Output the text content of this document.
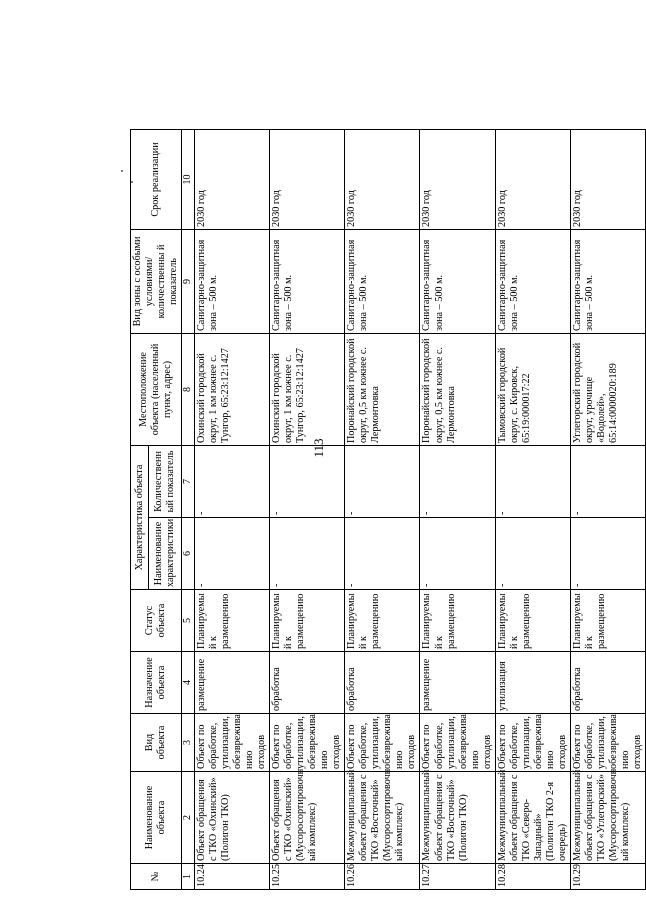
113
№	Наименование объекта	Вид объекта	Назначение объекта	Статус объекта	Характеристика объекта		Местоположение объекта (населенный пункт, адрес)	Вид зоны с особыми условиями/ количественны й показатель	Срок реализации
					Наименование характеристики	Количественн ый показатель			
1	2	3	4	5	6	7	8	9	10
10.24	Объект обращения с ТКО «Охинский» (Полигон ТКО)	Объект по обработке, утилизации, обезврежива нию отходов	размещение	Планируемы й к размещению	-	-	Охинский городской округ, 1 км южнее с. Тунгор, 65:23:12:1427	Санитарно-защитная зона – 500 м.	2030 год
10.25	Объект обращения с ТКО «Охинский» (Мусоросортировочн ый комплекс)	Объект по обработке, утилизации, обезврежива нию отходов	обработка	Планируемы й к размещению	-	-	Охинский городской округ, 1 км южнее с. Тунгор, 65:23:12:1427	Санитарно-защитная зона – 500 м.	2030 год
10.26	Межмуниципальный объект обращения с ТКО «Восточный» (Мусоросортировочн ый комплекс)	Объект по обработке, утилизации, обезврежива нию отходов	обработка	Планируемы й к размещению	-	-	Поронайский городской округ, 0,5 км южнее с. Лермонтовка	Санитарно-защитная зона – 500 м.	2030 год
10.27	Межмуниципальный объект обращения с ТКО «Восточный» (Полигон ТКО)	Объект по обработке, утилизации, обезврежива нию отходов	размещение	Планируемы й к размещению	-	-	Поронайский городской округ, 0,5 км южнее с. Лермонтовка	Санитарно-защитная зона – 500 м.	2030 год
10.28	Межмуниципальный объект обращения с ТКО «Северо-Западный» (Полигон ТКО 2-я очередь)	Объект по обработке, утилизации, обезврежива нию отходов	утилизация	Планируемы й к размещению	-	-	Тымовский городской округ, с. Кировск, 65:19:000017:22	Санитарно-защитная зона – 500 м.	2030 год
10.29	Межмуниципальный объект обращения с ТКО «Углегорский» (Мусоросортировочн ый комплекс)	Объект по обработке, утилизации, обезврежива нию отходов	обработка	Планируемы й к размещению	-	-	Углегорский городской округ, урочище «Водолей», 65:14:0000020:189	Санитарно-защитная зона – 500 м.	2030 год
